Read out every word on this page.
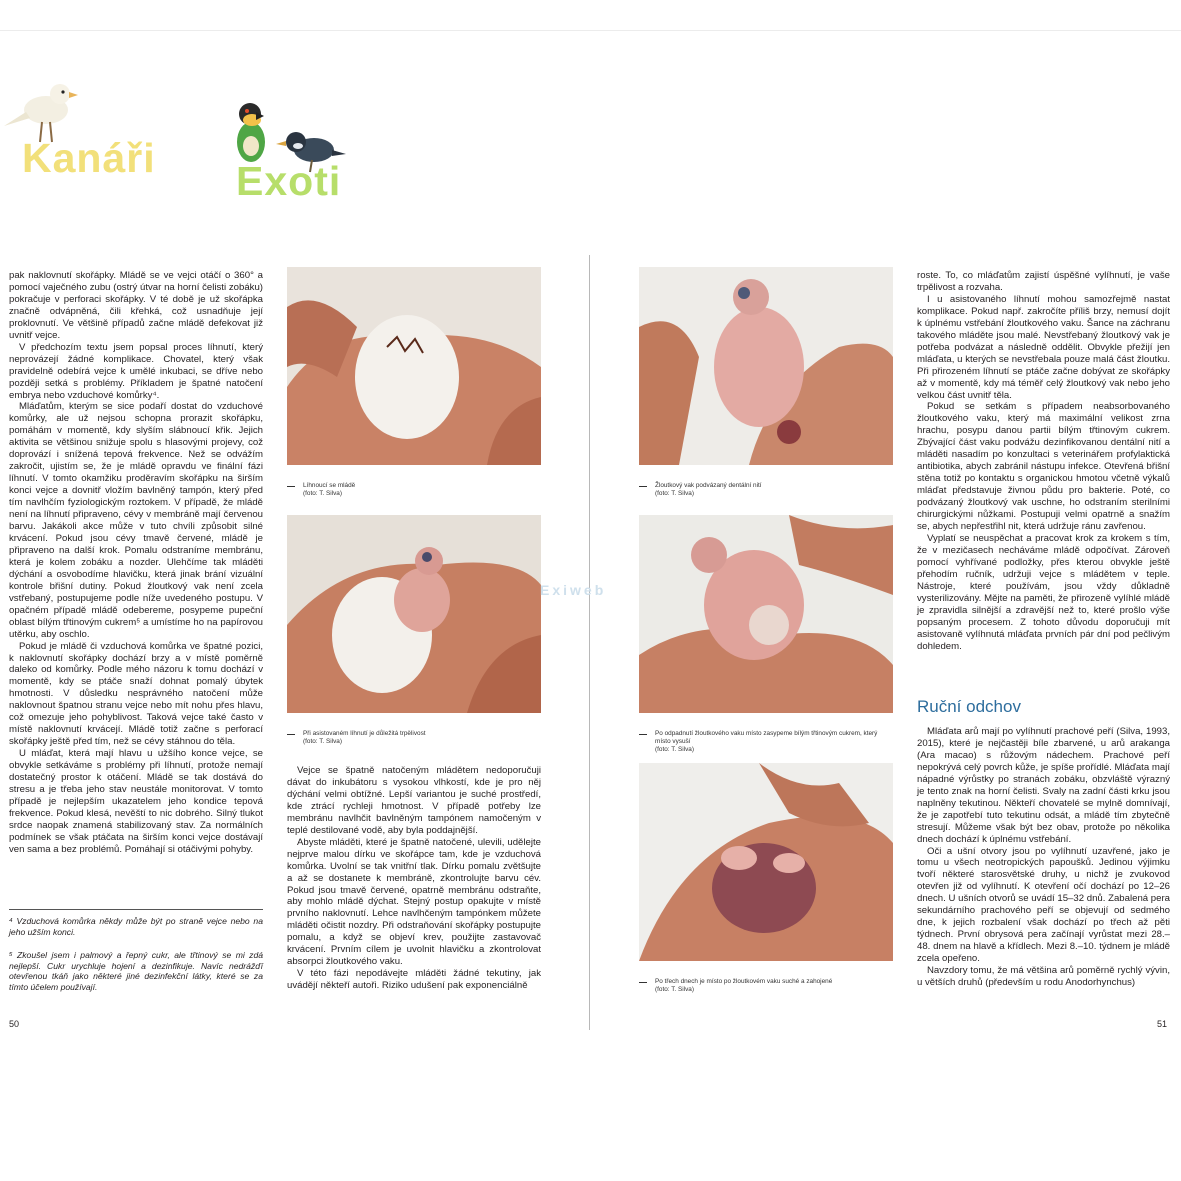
Kanáři Exoti

pak naklovnutí skořápky. Mládě se ve vejci otáčí o 360° a pomocí vaječného zubu (ostrý útvar na horní čelisti zobáku) pokračuje v perforaci skořápky. V té době je už skořápka značně odvápněná, čili křehká, což usnadňuje její proklovnutí. Ve většině případů začne mládě defekovat již uvnitř vejce.

V předchozím textu jsem popsal proces líhnutí, který neprovázejí žádné komplikace. Chovatel, který však pravidelně odebírá vejce k umělé inkubaci, se dříve nebo později setká s problémy. Příkladem je špatné natočení embrya nebo vzduchové komůrky⁴.

Mláďatům, kterým se sice podaří dostat do vzduchové komůrky, ale už nejsou schopna prorazit skořápku, pomáhám v momentě, kdy slyším slábnoucí křik. Jejich aktivita se většinou snižuje spolu s hlasovými projevy, což doprovází i snížená tepová frekvence. Než se odvážím zakročit, ujistím se, že je mládě opravdu ve finální fázi líhnutí. V tomto okamžiku proděravím skořápku na širším konci vejce a dovnitř vložím bavlněný tampón, který před tím navlhčím fyziologickým roztokem. V případě, že mládě není na líhnutí připraveno, cévy v membráně mají červenou barvu. Jakákoli akce může v tuto chvíli způsobit silné krvácení. Pokud jsou cévy tmavě červené, mládě je připraveno na další krok. Pomalu odstraníme membránu, která je kolem zobáku a nozder. Ulehčíme tak mláděti dýchání a osvobodíme hlavičku, která jinak brání vizuální kontrole břišní dutiny. Pokud žloutkový vak není zcela vstřebaný, postupujeme podle níže uvedeného postupu. V opačném případě mládě odebereme, posypeme pupeční oblast bílým třtinovým cukrem⁵ a umístíme ho na papírovou utěrku, aby oschlo.

Pokud je mládě či vzduchová komůrka ve špatné pozici, k naklovnutí skořápky dochází brzy a v místě poměrně daleko od komůrky. Podle mého názoru k tomu dochází v momentě, kdy se ptáče snaží dohnat pomalý úbytek hmotnosti. V důsledku nesprávného natočení může naklovnout špatnou stranu vejce nebo mít nohu přes hlavu, což omezuje jeho pohyblivost. Taková vejce také často v místě naklovnutí krvácejí. Mládě totiž začne s perforací skořápky ještě před tím, než se cévy stáhnou do těla.

U mláďat, která mají hlavu u užšího konce vejce, se obvykle setkáváme s problémy při líhnutí, protože nemají dostatečný prostor k otáčení. Mládě se tak dostává do stresu a je třeba jeho stav neustále monitorovat. V tomto případě je nejlepším ukazatelem jeho kondice tepová frekvence. Pokud klesá, nevěští to nic dobrého. Silný tlukot srdce naopak znamená stabilizovaný stav. Za normálních podmínek se však ptáčata na širším konci vejce dostávají ven sama a bez problémů. Pomáhají si otáčivými pohyby.

⁴ Vzduchová komůrka někdy může být po straně vejce nebo na jeho užším konci.
⁵ Zkoušel jsem i palmový a řepný cukr, ale třtinový se mi zdá nejlepší. Cukr urychluje hojení a dezinfikuje. Navíc nedrážďí otevřenou tkáň jako některé jiné dezinfekční látky, které se za tímto účelem používají.
Líhnoucí se mládě
(foto: T. Silva)
Při asistovaném líhnutí je důležitá trpělivost
(foto: T. Silva)

Vejce se špatně natočeným mládětem nedoporučuji dávat do inkubátoru s vysokou vlhkostí, kde je pro něj dýchání velmi obtížné. Lepší variantou je suché prostředí, kde ztrácí rychleji hmotnost. V případě potřeby lze membránu navlhčit bavlněným tampónem namočeným v teplé destilované vodě, aby byla poddajnější.

Abyste mláděti, které je špatně natočené, ulevili, udělejte nejprve malou dírku ve skořápce tam, kde je vzduchová komůrka. Uvolní se tak vnitřní tlak. Dírku pomalu zvětšujte a až se dostanete k membráně, zkontrolujte barvu cév. Pokud jsou tmavě červené, opatrně membránu odstraňte, aby mohlo mládě dýchat. Stejný postup opakujte v místě prvního naklovnutí. Lehce navlhčeným tampónkem můžete mláděti očistit nozdry. Při odstraňování skořápky postupujte pomalu, a když se objeví krev, použijte zastavovač krvácení. Prvním cílem je uvolnit hlavičku a zkontrolovat absorpci žloutkového vaku.

V této fázi nepodávejte mláděti žádné tekutiny, jak uvádějí někteří autoři. Riziko udušení pak exponenciálně

50
Žloutkový vak podvázaný dentální nití
(foto: T. Silva)
Po odpadnutí žloutkového vaku místo zasypeme bílým třtinovým cukrem, který místo vysuší
(foto: T. Silva)
Po třech dnech je místo po žloutkovém vaku suché a zahojené
(foto: T. Silva)
Exiweb

roste. To, co mláďatům zajistí úspěšné vylíhnutí, je vaše trpělivost a rozvaha.

I u asistovaného líhnutí mohou samozřejmě nastat komplikace. Pokud např. zakročíte příliš brzy, nemusí dojít k úplnému vstřebání žloutkového vaku. Šance na záchranu takového mláděte jsou malé. Nevstřebaný žloutkový vak je potřeba podvázat a následně oddělit. Obvykle přežijí jen mláďata, u kterých se nevstřebala pouze malá část žloutku. Při přirozeném líhnutí se ptáče začne dobývat ze skořápky až v momentě, kdy má téměř celý žloutkový vak nebo jeho velkou část uvnitř těla.

Pokud se setkám s případem neabsorbovaného žloutkového vaku, který má maximální velikost zrna hrachu, posypu danou partii bílým třtinovým cukrem. Zbývající část vaku podvážu dezinfikovanou dentální nití a mláděti nasadím po konzultaci s veterinářem profylaktická antibiotika, abych zabránil nástupu infekce. Otevřená břišní stěna totiž po kontaktu s organickou hmotou včetně výkalů mláďat představuje živnou půdu pro bakterie. Poté, co podvázaný žloutkový vak uschne, ho odstraním sterilními chirurgickými nůžkami. Postupuji velmi opatrně a snažím se, abych nepřestřihl nit, která udržuje ránu zavřenou.

Vyplatí se neuspěchat a pracovat krok za krokem s tím, že v mezičasech necháváme mládě odpočívat. Zároveň pomocí vyhřívané podložky, přes kterou obvykle ještě přehodím ručník, udržuji vejce s mládětem v teple. Nástroje, které používám, jsou vždy důkladně vysterilizovány. Mějte na paměti, že přirozeně vylíhlé mládě je zpravidla silnější a zdravější než to, které prošlo výše popsaným procesem. Z tohoto důvodu doporučuji mít asistovaně vylíhnutá mláďata prvních pár dní pod pečlivým dohledem.

Ruční odchov

Mláďata arů mají po vylíhnutí prachové peří (Silva, 1993, 2015), které je nejčastěji bíle zbarvené, u arů arakanga (Ara macao) s růžovým nádechem. Prachové peří nepokrývá celý povrch kůže, je spíše prořídlé. Mláďata mají nápadné výrůstky po stranách zobáku, obzvláště výrazný je tento znak na horní čelisti. Svaly na zadní části krku jsou naplněny tekutinou. Někteří chovatelé se mylně domnívají, že je zapotřebí tuto tekutinu odsát, a mládě tím zbytečně stresují. Můžeme však být bez obav, protože po několika dnech dochází k úplnému vstřebání.

Oči a ušní otvory jsou po vylíhnutí uzavřené, jako je tomu u všech neotropických papoušků. Jedinou výjimku tvoří některé starosvětské druhy, u nichž je zvukovod otevřen již od vylíhnutí. K otevření očí dochází po 12–26 dnech. U ušních otvorů se uvádí 15–32 dnů. Zabalená pera sekundárního prachového peří se objevují od sedmého dne, k jejich rozbalení však dochází po třech až pěti týdnech. První obrysová pera začínají vyrůstat mezi 28.–48. dnem na hlavě a křídlech. Mezi 8.–10. týdnem je mládě zcela opeřeno.

Navzdory tomu, že má většina arů poměrně rychlý vývin, u větších druhů (především u rodu Anodorhynchus)

51
